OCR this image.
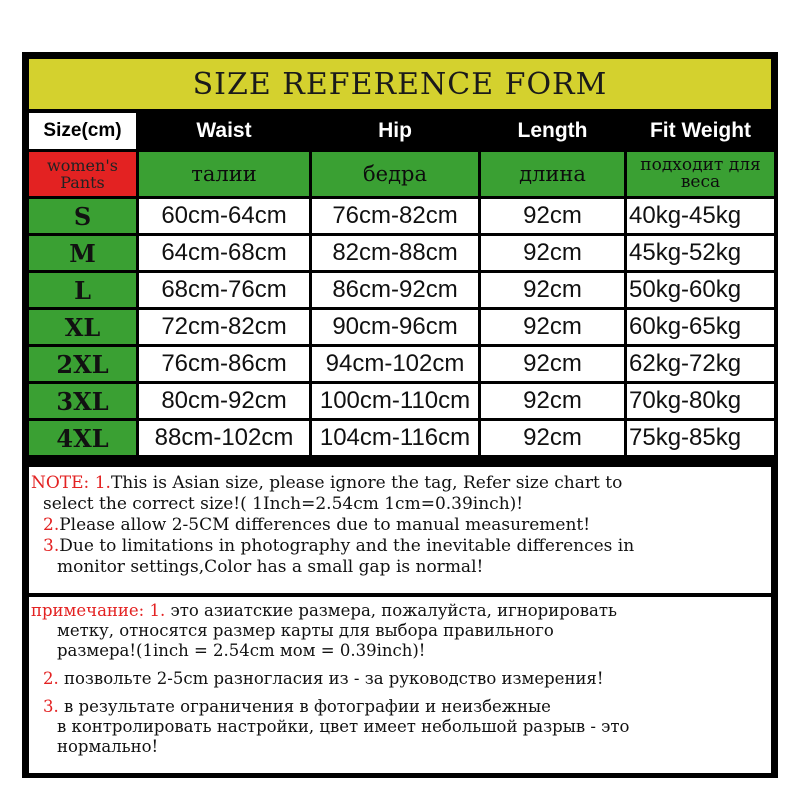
SIZE REFERENCE FORM
Size(cm)	Waist	Hip	Length	Fit Weight
women's Pants	талии	бедра	длина	подходит для веса
S	60cm-64cm	76cm-82cm	92cm	40kg-45kg
M	64cm-68cm	82cm-88cm	92cm	45kg-52kg
L	68cm-76cm	86cm-92cm	92cm	50kg-60kg
XL	72cm-82cm	90cm-96cm	92cm	60kg-65kg
2XL	76cm-86cm	94cm-102cm	92cm	62kg-72kg
3XL	80cm-92cm	100cm-110cm	92cm	70kg-80kg
4XL	88cm-102cm	104cm-116cm	92cm	75kg-85kg

NOTE: 1.This is Asian size, please ignore the tag, Refer size chart to

select the correct size!( 1Inch=2.54cm 1cm=0.39inch)!

2.Please allow 2-5CM differences due to manual measurement!

3.Due to limitations in photography and the inevitable differences in

monitor settings,Color has a small gap is normal!

примечание: 1. это азиатские размера, пожалуйста, игнорировать

метку, относятся размер карты для выбора правильного

размера!(1inch = 2.54cm мом = 0.39inch)!

2. позвольте 2-5cm разногласия из - за руководство измерения!

3. в результате ограничения в фотографии и неизбежные

в контролировать настройки, цвет имеет небольшой разрыв - это

нормально!
